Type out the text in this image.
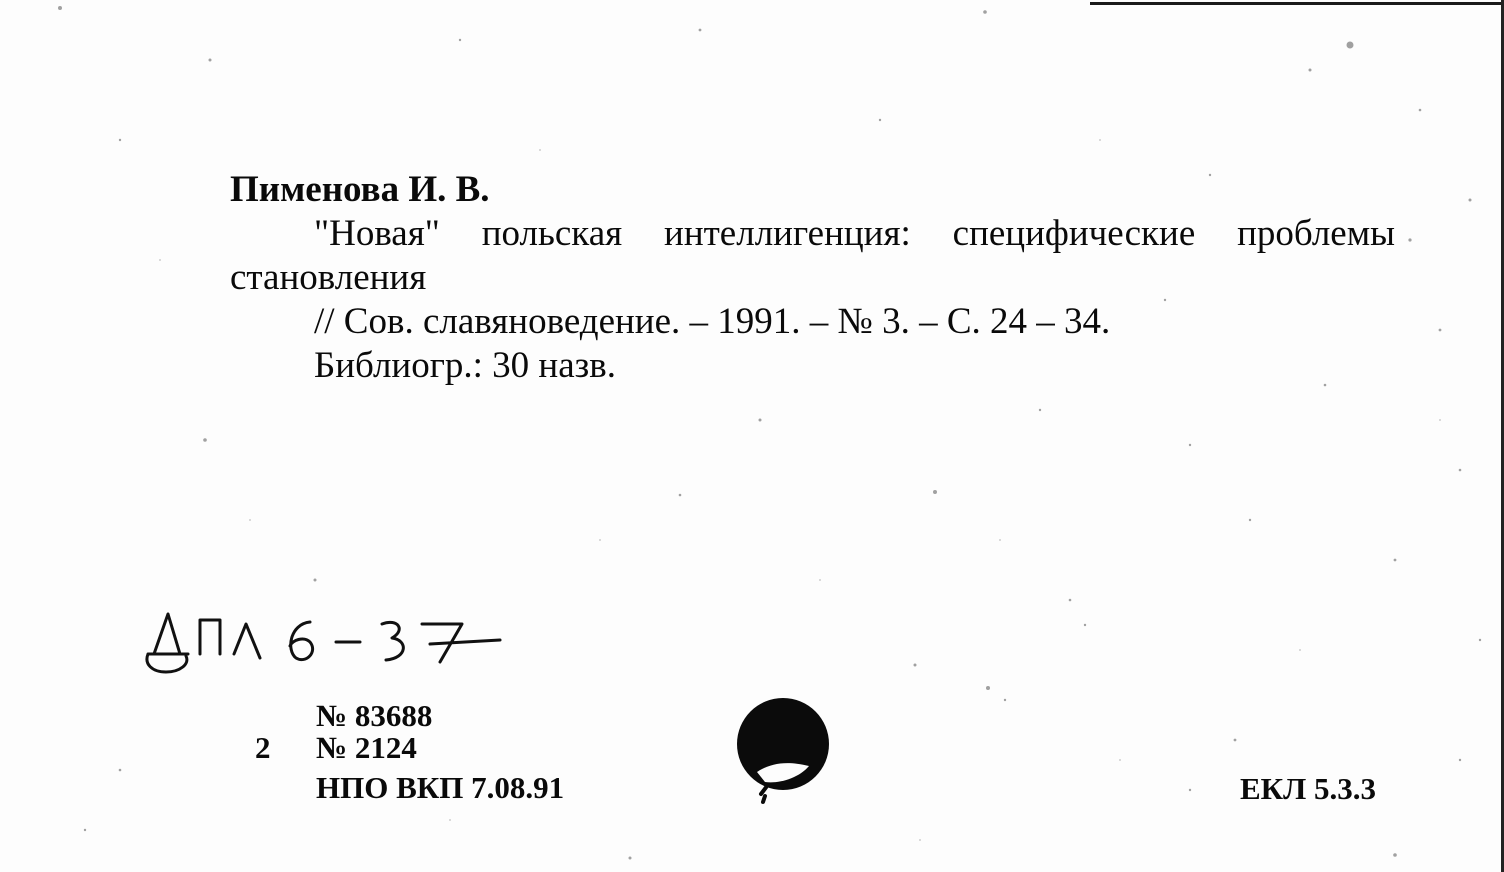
Пименова И. В.
"Новая" польская интеллигенция: специфические проблемы становления
// Сов. славяноведение. – 1991. – № 3. – С. 24 – 34.
Библиогр.: 30 назв.
№ 83688
№ 2124
НПО ВКП 7.08.91
2
ЕКЛ 5.3.3
